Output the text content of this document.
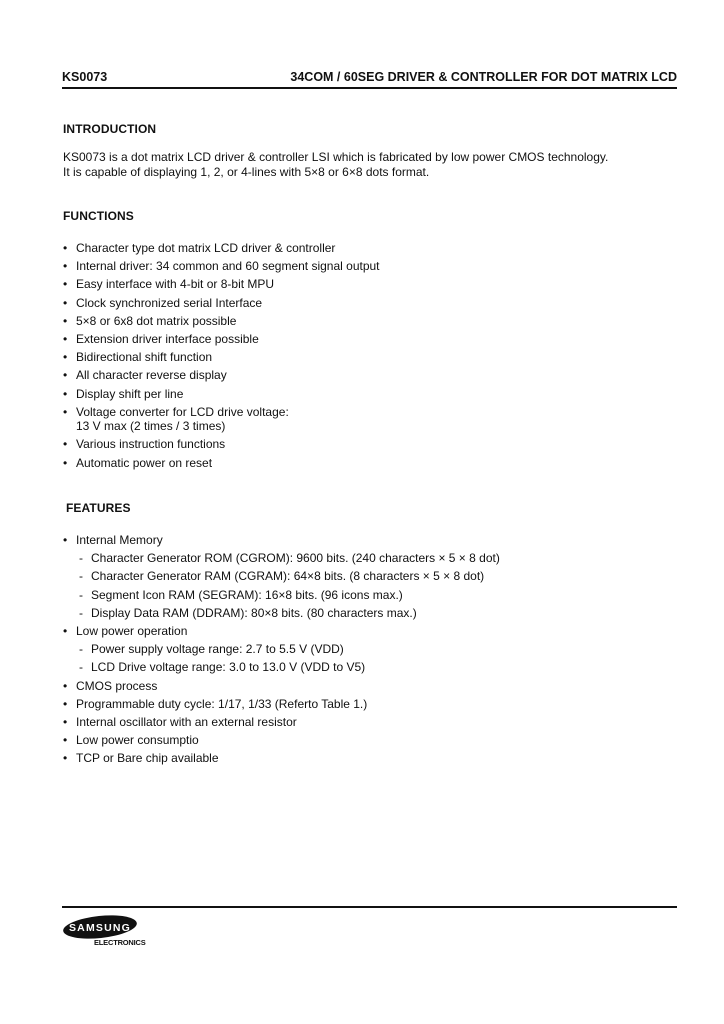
KS0073	34COM / 60SEG DRIVER & CONTROLLER FOR DOT MATRIX LCD
INTRODUCTION

KS0073 is a dot matrix LCD driver & controller LSI which is fabricated by low power CMOS technology.

It is capable of displaying 1, 2, or 4-lines with 5×8 or 6×8 dots format.

FUNCTIONS
• Character type dot matrix LCD driver & controller
• Internal driver: 34 common and 60 segment signal output
• Easy interface with 4-bit or 8-bit MPU
• Clock synchronized serial Interface
• 5×8 or 6x8 dot matrix possible
• Extension driver interface possible
• Bidirectional shift function
• All character reverse display
• Display shift per line
• Voltage converter for LCD drive voltage:
13 V max (2 times / 3 times)
• Various instruction functions
• Automatic power on reset
FEATURES
• Internal Memory
- Character Generator ROM (CGROM): 9600 bits. (240 characters × 5 × 8 dot)
- Character Generator RAM (CGRAM): 64×8 bits. (8 characters × 5 × 8 dot)
- Segment Icon RAM (SEGRAM): 16×8 bits. (96 icons max.)
- Display Data RAM (DDRAM): 80×8 bits. (80 characters max.)
• Low power operation
- Power supply voltage range: 2.7 to 5.5 V (VDD)
- LCD Drive voltage range: 3.0 to 13.0 V (VDD to V5)
• CMOS process
• Programmable duty cycle: 1/17, 1/33 (Referto Table 1.)
• Internal oscillator with an external resistor
• Low power consumptio
• TCP or Bare chip available
SAMSUNG
ELECTRONICS
